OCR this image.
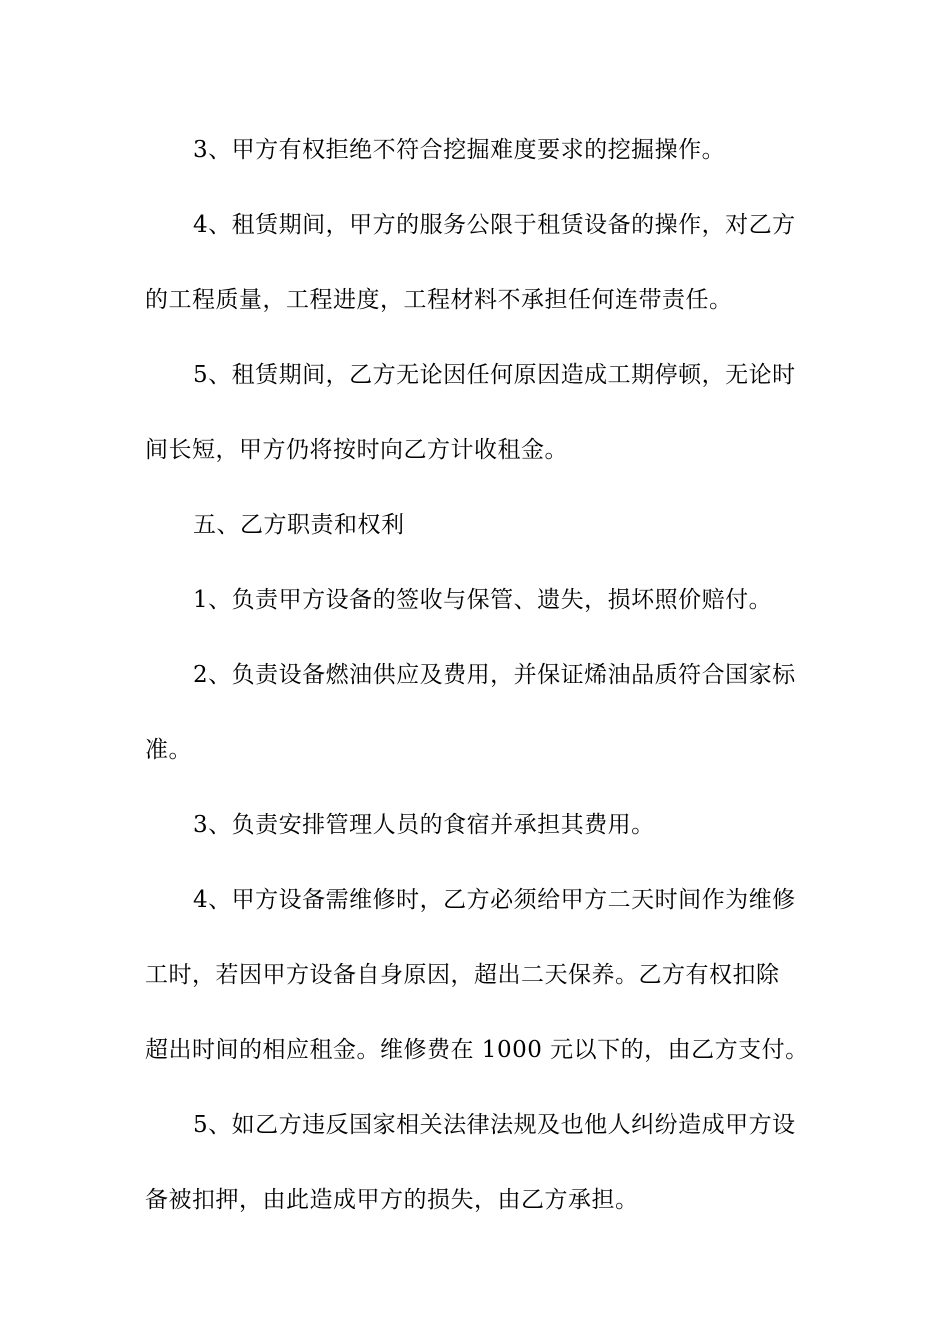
3、甲方有权拒绝不符合挖掘难度要求的挖掘操作。
4、租赁期间，甲方的服务公限于租赁设备的操作，对乙方
的工程质量，工程进度，工程材料不承担任何连带责任。
5、租赁期间，乙方无论因任何原因造成工期停顿，无论时
间长短，甲方仍将按时向乙方计收租金。
五、乙方职责和权利
1、负责甲方设备的签收与保管、遗失，损坏照价赔付。
2、负责设备燃油供应及费用，并保证烯油品质符合国家标
准。
3、负责安排管理人员的食宿并承担其费用。
4、甲方设备需维修时，乙方必须给甲方二天时间作为维修
工时，若因甲方设备自身原因，超出二天保养。乙方有权扣除
超出时间的相应租金。维修费在 1000 元以下的，由乙方支付。
5、如乙方违反国家相关法律法规及也他人纠纷造成甲方设
备被扣押，由此造成甲方的损失，由乙方承担。
